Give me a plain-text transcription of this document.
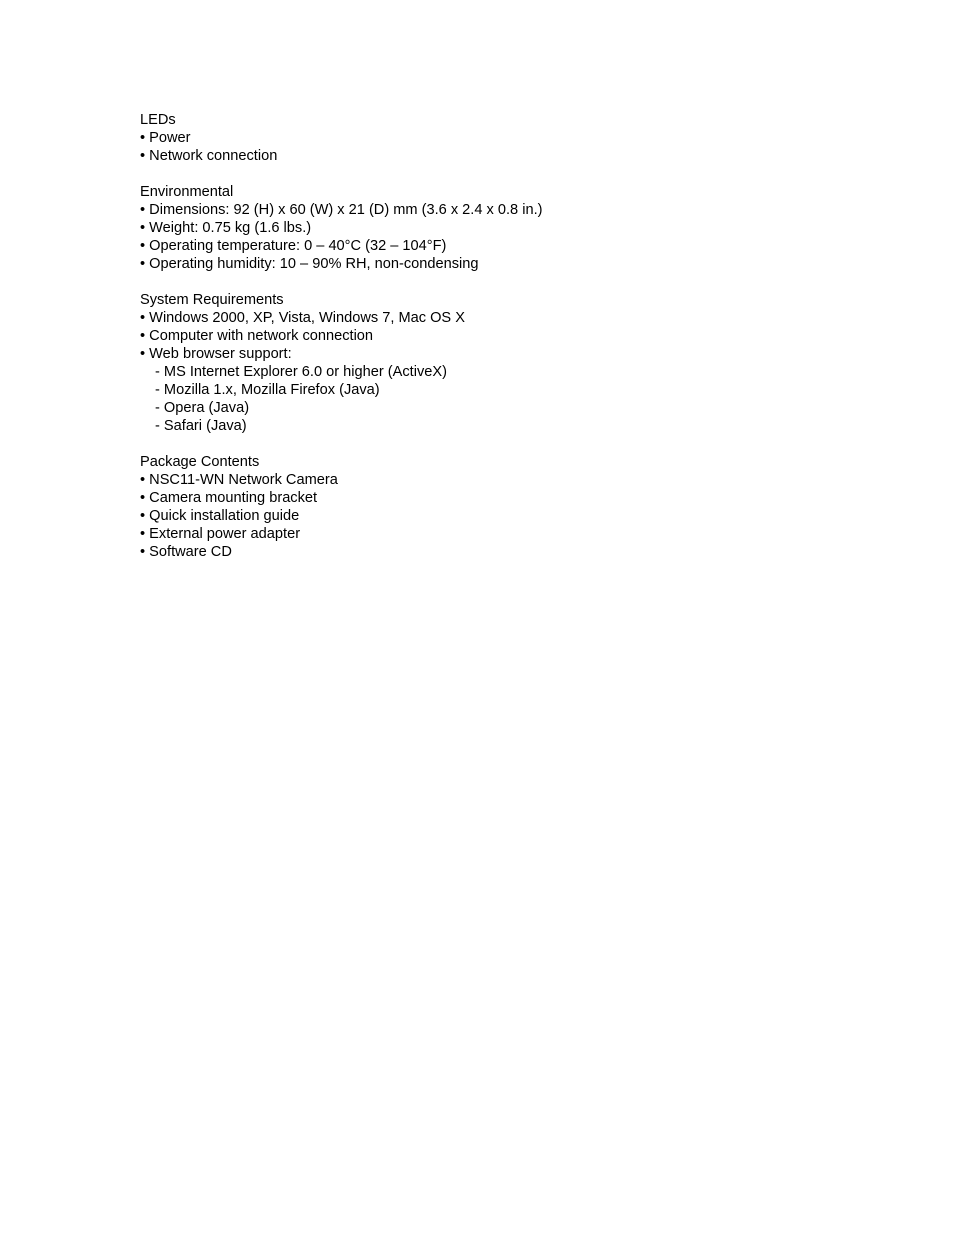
LEDs
• Power
• Network connection
Environmental
• Dimensions: 92 (H) x 60 (W) x 21 (D) mm (3.6 x 2.4 x 0.8 in.)
• Weight: 0.75 kg (1.6 lbs.)
• Operating temperature: 0 – 40°C (32 – 104°F)
• Operating humidity: 10 – 90% RH, non-condensing
System Requirements
• Windows 2000, XP, Vista, Windows 7, Mac OS X
• Computer with network connection
• Web browser support:
- MS Internet Explorer 6.0 or higher (ActiveX)
- Mozilla 1.x, Mozilla Firefox (Java)
- Opera (Java)
- Safari (Java)
Package Contents
• NSC11-WN Network Camera
• Camera mounting bracket
• Quick installation guide
• External power adapter
• Software CD
